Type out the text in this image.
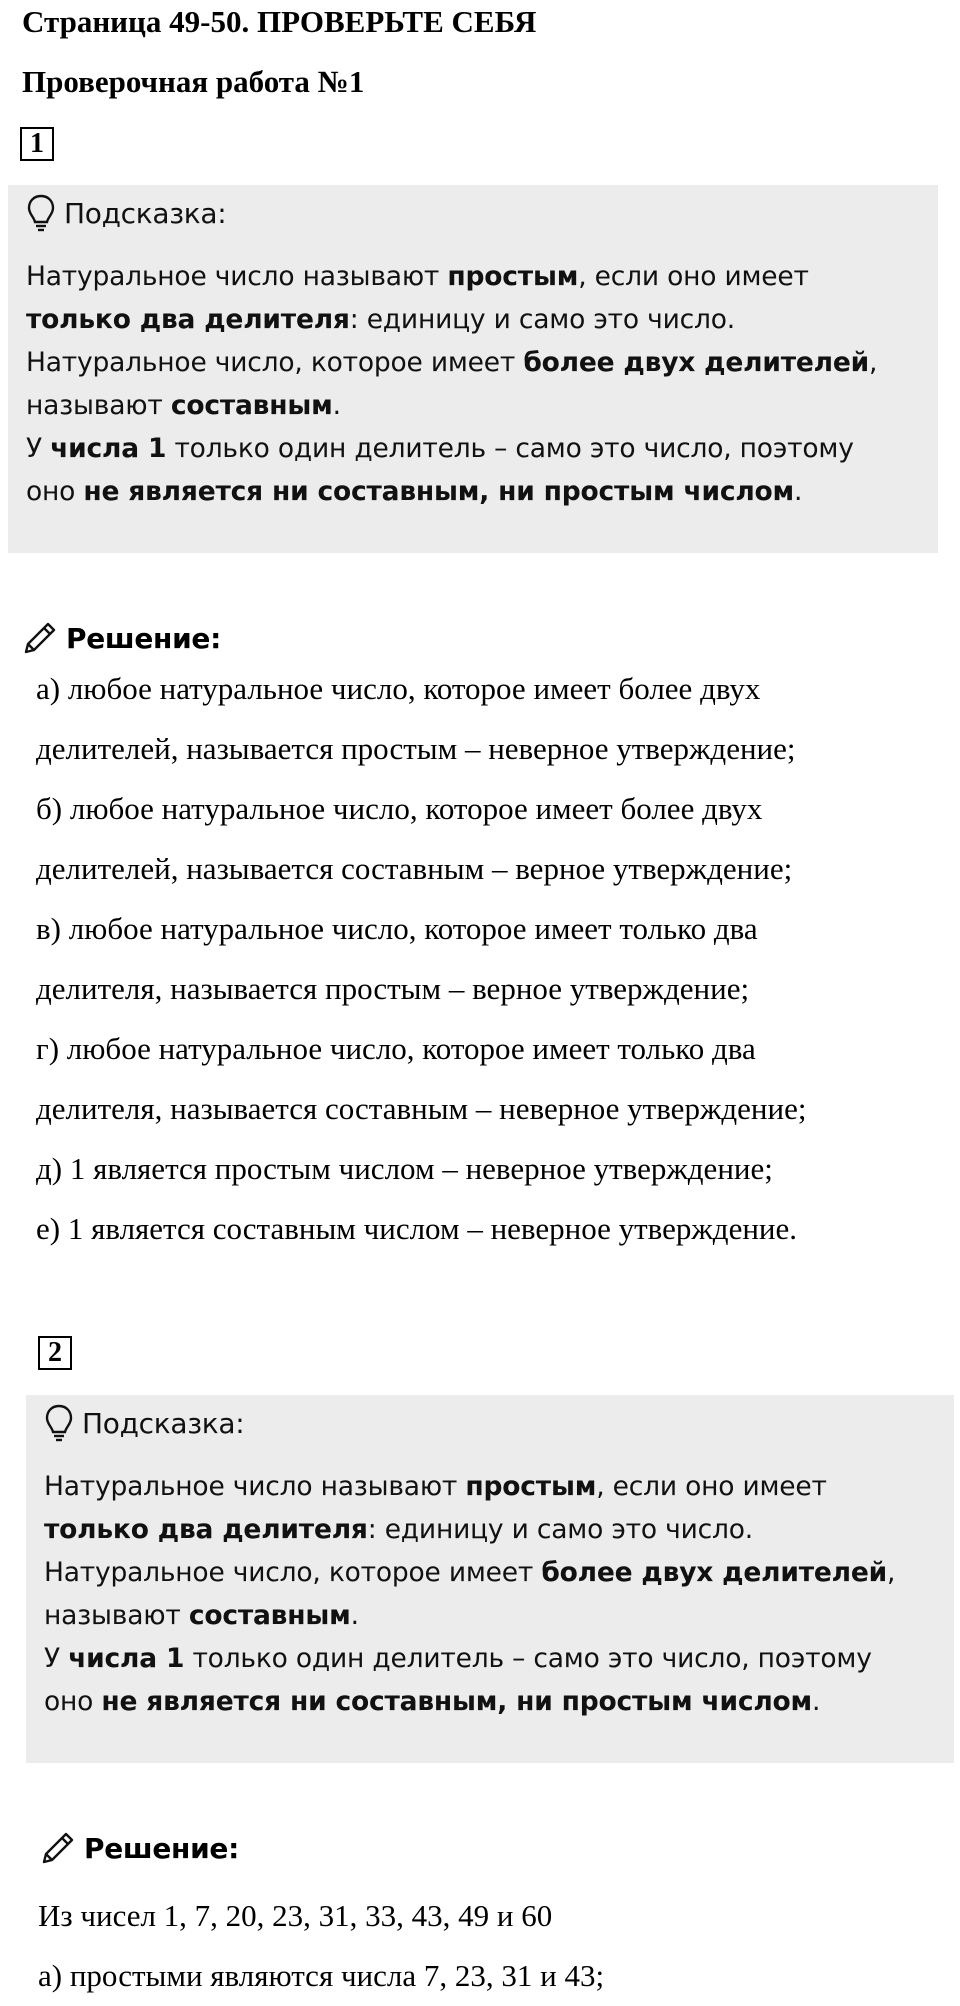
Страница 49-50. ПРОВЕРЬТЕ СЕБЯ
Проверочная работа №1
1
Подсказка:
Натуральное число называют простым, если оно имеет
только два делителя: единицу и само это число.
Натуральное число, которое имеет более двух делителей,
называют составным.
У числа 1 только один делитель – само это число, поэтому
оно не является ни составным, ни простым числом.
Решение:
а) любое натуральное число, которое имеет более двух
делителей, называется простым – неверное утверждение;
б) любое натуральное число, которое имеет более двух
делителей, называется составным – верное утверждение;
в) любое натуральное число, которое имеет только два
делителя, называется простым – верное утверждение;
г) любое натуральное число, которое имеет только два
делителя, называется составным – неверное утверждение;
д) 1 является простым числом – неверное утверждение;
е) 1 является составным числом – неверное утверждение.
2
Подсказка:
Натуральное число называют простым, если оно имеет
только два делителя: единицу и само это число.
Натуральное число, которое имеет более двух делителей,
называют составным.
У числа 1 только один делитель – само это число, поэтому
оно не является ни составным, ни простым числом.
Решение:
Из чисел 1, 7, 20, 23, 31, 33, 43, 49 и 60
а) простыми являются числа 7, 23, 31 и 43;
